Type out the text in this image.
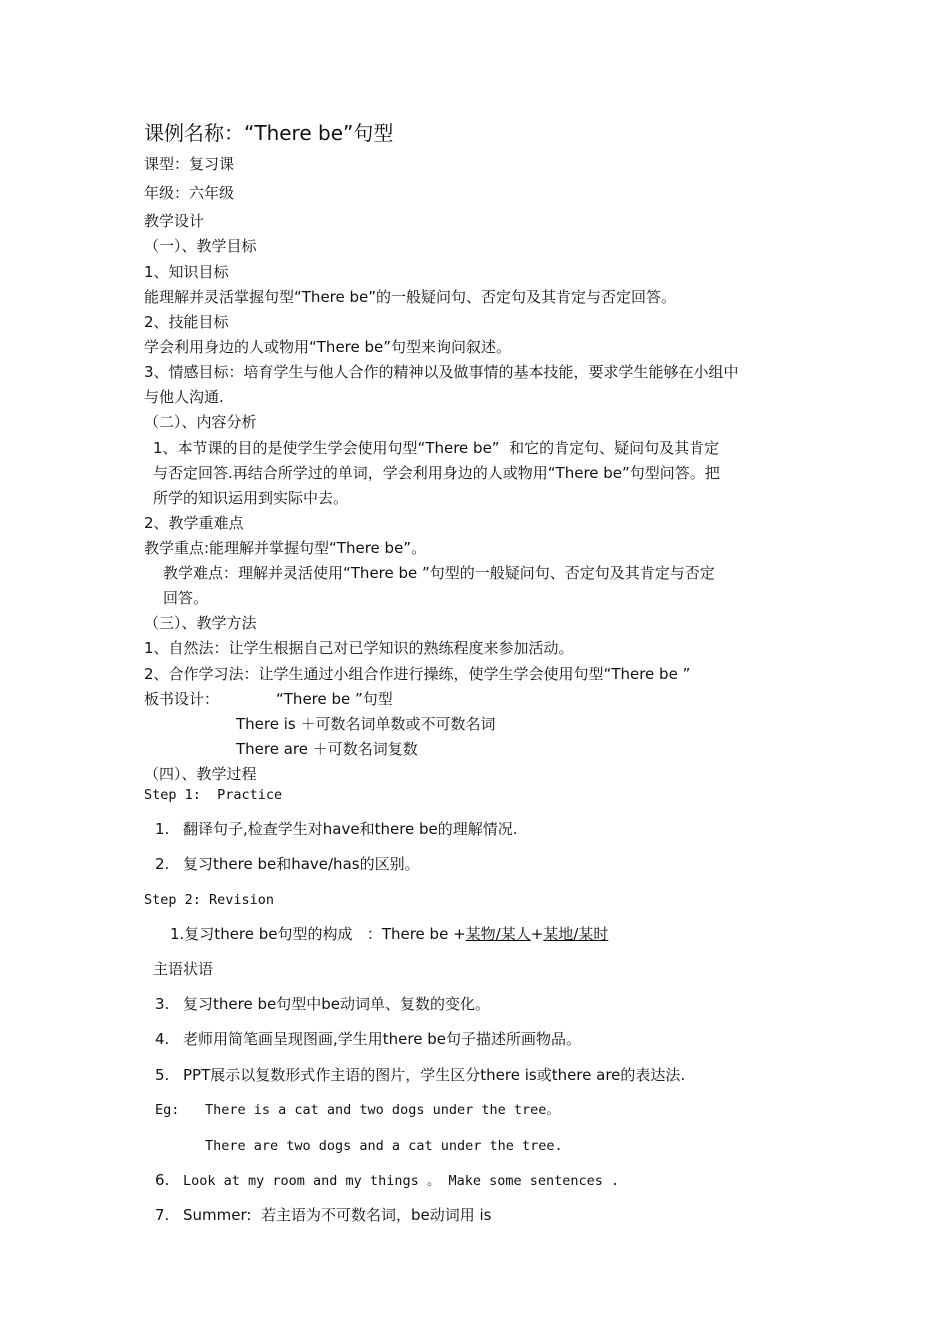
课例名称：“There be”句型
课型：复习课
年级：六年级
教学设计
（一）、教学目标
1、知识目标
能理解并灵活掌握句型“There be”的一般疑问句、否定句及其肯定与否定回答。
2、技能目标
学会利用身边的人或物用“There be”句型来询问叙述。
3、情感目标：培育学生与他人合作的精神以及做事情的基本技能，要求学生能够在小组中
与他人沟通.
（二）、内容分析
1、本节课的目的是使学生学会使用句型“There be”  和它的肯定句、疑问句及其肯定
与否定回答.再结合所学过的单词，学会利用身边的人或物用“There be”句型问答。把
所学的知识运用到实际中去。
2、教学重难点
教学重点:能理解并掌握句型“There be”。
教学难点：理解并灵活使用“There be ”句型的一般疑问句、否定句及其肯定与否定
回答。
（三）、教学方法
1、自然法：让学生根据自己对已学知识的熟练程度来参加活动。
2、合作学习法：让学生通过小组合作进行操练，使学生学会使用句型“There be ”
板书设计：	“There be ”句型
There is ＋可数名词单数或不可数名词
There are ＋可数名词复数
（四）、教学过程
Step 1:  Practice
1. 翻译句子,检查学生对have和there be的理解情况.
2. 复习there be和have/has的区别。
Step 2: Revision
1.复习there be句型的构成   ：There be +某物/某人+某地/某时
主语状语
3. 复习there be句型中be动词单、复数的变化。
4. 老师用简笔画呈现图画,学生用there be句子描述所画物品。
5. PPT展示以复数形式作主语的图片，学生区分there is或there are的表达法.
Eg: There is a cat and two dogs under the tree。
There are two dogs and a cat under the tree.
6. Look at my room and my things 。 Make some sentences .
7. Summer:  若主语为不可数名词，be动词用 is
